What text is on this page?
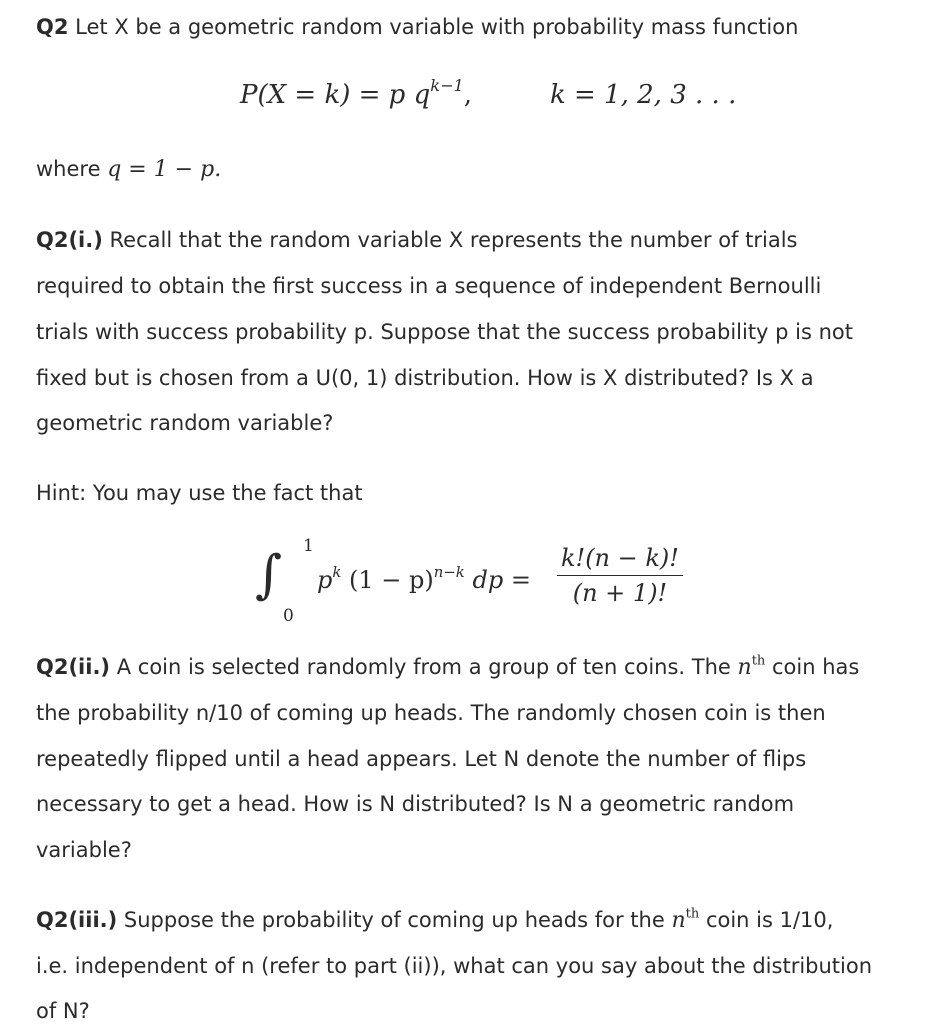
Q2 Let X be a geometric random variable with probability mass function
P(X = k) = p $q^{k-1}$,	k = 1, 2, 3 . . .
where q = 1 − p.
Q2(i.) Recall that the random variable X represents the number of trials
required to obtain the first success in a sequence of independent Bernoulli
trials with success probability p. Suppose that the success probability p is not
fixed but is chosen from a U(0, 1) distribution. How is X distributed? Is X a
geometric random variable?
Hint: You may use the fact that
∫ 1
0
$p^k$ $(1 - p)^{n-k}$ dp = $\frac{k!(n - k)!}{(n + 1)!}$
Q2(ii.) A coin is selected randomly from a group of ten coins. The $n^{th}$ coin has
the probability n/10 of coming up heads. The randomly chosen coin is then
repeatedly flipped until a head appears. Let N denote the number of flips
necessary to get a head. How is N distributed? Is N a geometric random
variable?
Q2(iii.) Suppose the probability of coming up heads for the $n^{th}$ coin is 1/10,
i.e. independent of n (refer to part (ii)), what can you say about the distribution
of N?
